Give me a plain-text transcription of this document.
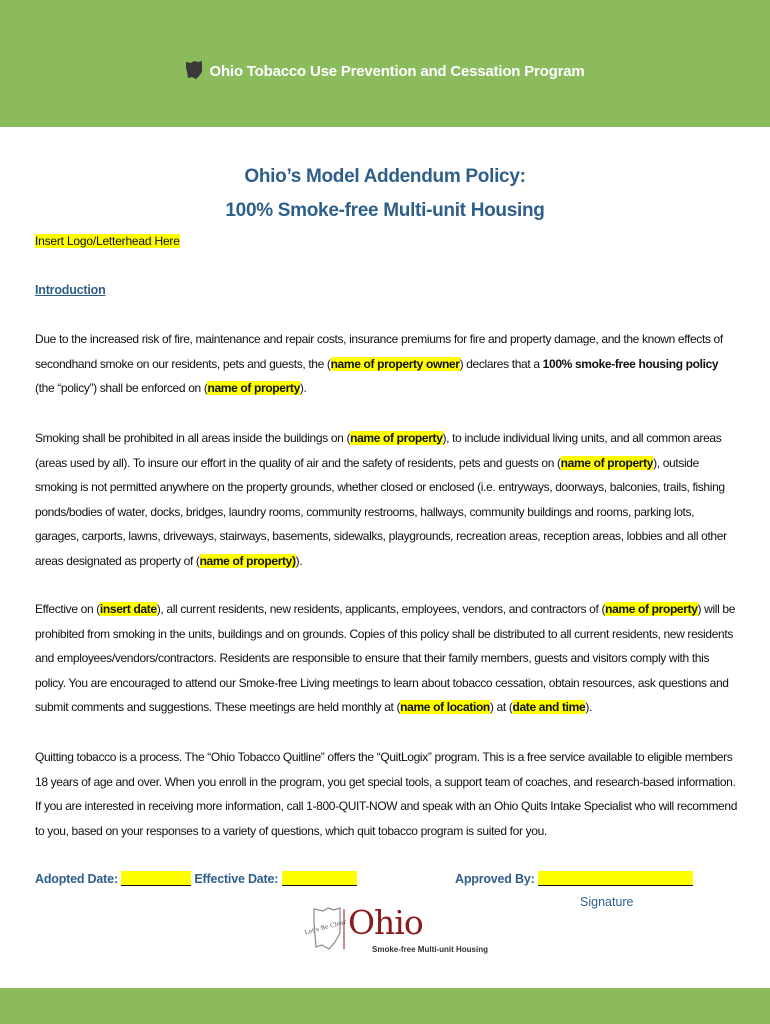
Ohio Tobacco Use Prevention and Cessation Program
Ohio’s Model Addendum Policy:
100% Smoke-free Multi-unit Housing
Insert Logo/Letterhead Here
Introduction
Due to the increased risk of fire, maintenance and repair costs, insurance premiums for fire and property damage, and the known effects of secondhand smoke on our residents, pets and guests, the (name of property owner) declares that a 100% smoke-free housing policy (the “policy”) shall be enforced on (name of property).
Smoking shall be prohibited in all areas inside the buildings on (name of property), to include individual living units, and all common areas (areas used by all). To insure our effort in the quality of air and the safety of residents, pets and guests on (name of property), outside smoking is not permitted anywhere on the property grounds, whether closed or enclosed (i.e. entryways, doorways, balconies, trails, fishing ponds/bodies of water, docks, bridges, laundry rooms, community restrooms, hallways, community buildings and rooms, parking lots, garages, carports, lawns, driveways, stairways, basements, sidewalks, playgrounds, recreation areas, reception areas, lobbies and all other areas designated as property of (name of property)).
Effective on (insert date), all current residents, new residents, applicants, employees, vendors, and contractors of (name of property) will be prohibited from smoking in the units, buildings and on grounds. Copies of this policy shall be distributed to all current residents, new residents and employees/vendors/contractors. Residents are responsible to ensure that their family members, guests and visitors comply with this policy. You are encouraged to attend our Smoke-free Living meetings to learn about tobacco cessation, obtain resources, ask questions and submit comments and suggestions. These meetings are held monthly at (name of location) at (date and time).
Quitting tobacco is a process. The “Ohio Tobacco Quitline” offers the “QuitLogix” program. This is a free service available to eligible members 18 years of age and over. When you enroll in the program, you get special tools, a support team of coaches, and research-based information. If you are interested in receiving more information, call 1-800-QUIT-NOW and speak with an Ohio Quits Intake Specialist who will recommend to you, based on your responses to a variety of questions, which quit tobacco program is suited for you.
Adopted Date:	Effective Date:	Approved By:
Signature
Let's Be Clear Ohio
Smoke-free Multi-unit Housing
